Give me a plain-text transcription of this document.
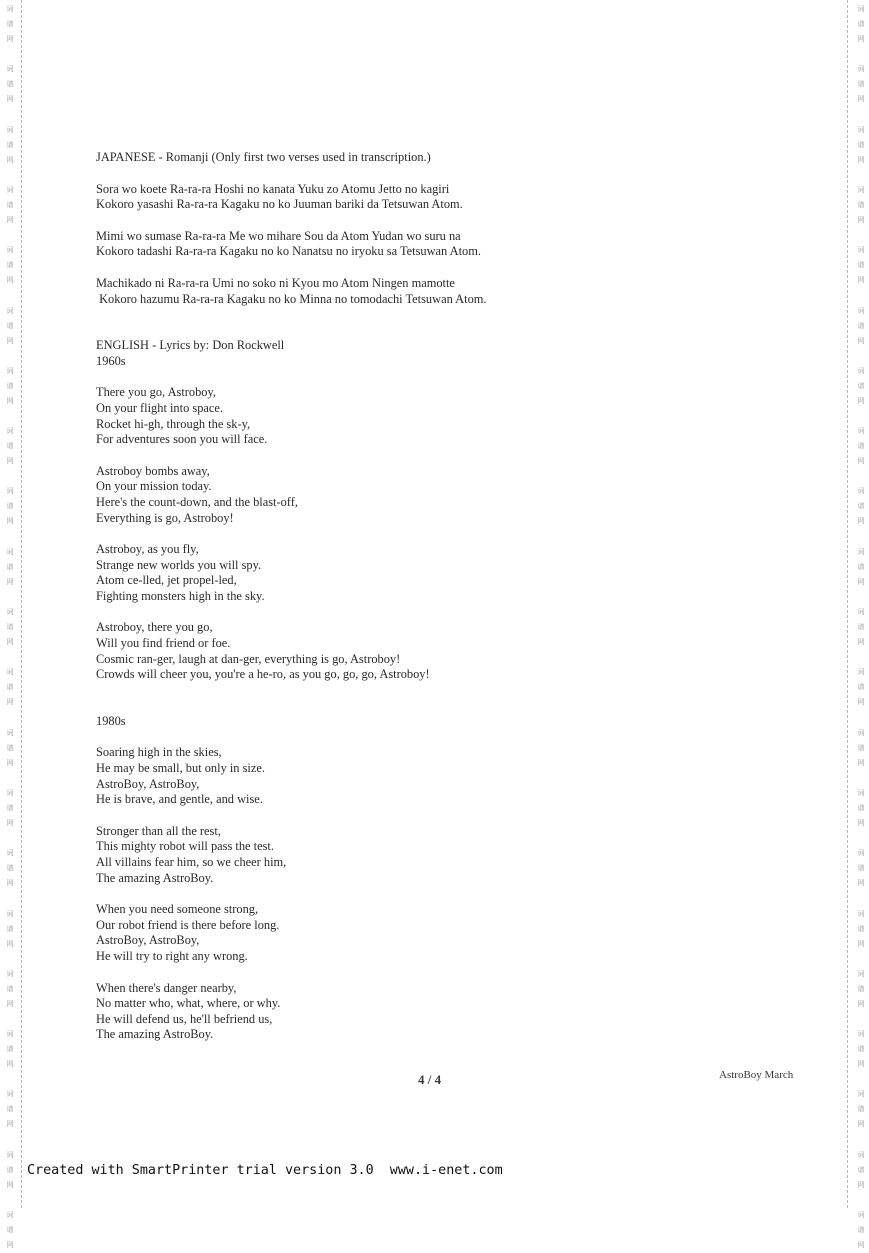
词
谱
网
词
谱
网
词
谱
网
词
谱
网
词
谱
网
词
谱
网
词
谱
网
词
谱
网
词
谱
网
词
谱
网
词
谱
网
词
谱
网
词
谱
网
词
谱
网
词
谱
网
词
谱
网
词
谱
网
词
谱
网
词
谱
网
词
谱
网
词
谱
网
词
谱
网
词
谱
网
词
谱
网
词
谱
网
词
谱
网
词
谱
网
词
谱
网
词
谱
网
词
谱
网
词
谱
网
词
谱
网
词
谱
网
词
谱
网
词
谱
网
词
谱
网
词
谱
网
词
谱
网
词
谱
网
词
谱
网
词
谱
网
词
谱
网
JAPANESE - Romanji (Only first two verses used in transcription.)
Sora wo koete Ra-ra-ra Hoshi no kanata Yuku zo Atomu Jetto no kagiri
Kokoro yasashi Ra-ra-ra Kagaku no ko Juuman bariki da Tetsuwan Atom.
Mimi wo sumase Ra-ra-ra Me wo mihare Sou da Atom Yudan wo suru na
Kokoro tadashi Ra-ra-ra Kagaku no ko Nanatsu no iryoku sa Tetsuwan Atom.
Machikado ni Ra-ra-ra Umi no soko ni Kyou mo Atom Ningen mamotte
Kokoro hazumu Ra-ra-ra Kagaku no ko Minna no tomodachi Tetsuwan Atom.
ENGLISH - Lyrics by: Don Rockwell
1960s
There you go, Astroboy,
On your flight into space.
Rocket hi-gh, through the sk-y,
For adventures soon you will face.
Astroboy bombs away,
On your mission today.
Here's the count-down, and the blast-off,
Everything is go, Astroboy!
Astroboy, as you fly,
Strange new worlds you will spy.
Atom ce-lled, jet propel-led,
Fighting monsters high in the sky.
Astroboy, there you go,
Will you find friend or foe.
Cosmic ran-ger, laugh at dan-ger, everything is go, Astroboy!
Crowds will cheer you, you're a he-ro, as you go, go, go, Astroboy!
1980s
Soaring high in the skies,
He may be small, but only in size.
AstroBoy, AstroBoy,
He is brave, and gentle, and wise.
Stronger than all the rest,
This mighty robot will pass the test.
All villains fear him, so we cheer him,
The amazing AstroBoy.
When you need someone strong,
Our robot friend is there before long.
AstroBoy, AstroBoy,
He will try to right any wrong.
When there's danger nearby,
No matter who, what, where, or why.
He will defend us, he'll befriend us,
The amazing AstroBoy.
4 / 4	AstroBoy March
Created with SmartPrinter trial version 3.0  www.i-enet.com
